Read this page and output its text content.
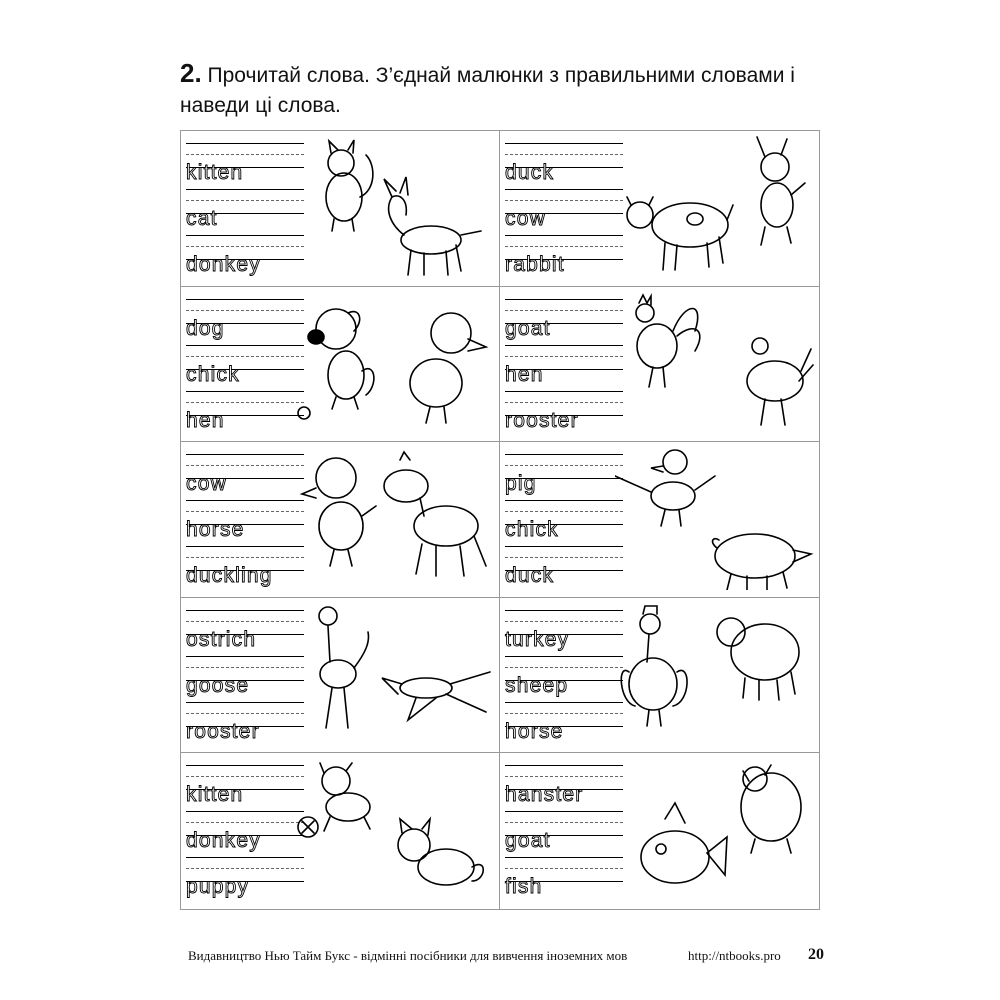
2. Прочитай слова. З’єднай малюнки з правильними словами і наведи ці слова.
kitten
cat
donkey
duck
cow
rabbit
dog
chick
hen
goat
hen
rooster
cow
horse
duckling
pig
chick
duck
ostrich
goose
rooster
turkey
sheep
horse
kitten
donkey
puppy
hanster
goat
fish
Видавництво Нью Тайм Букс - відмінні посібники для вивчення іноземних мов	http://ntbooks.pro 20
